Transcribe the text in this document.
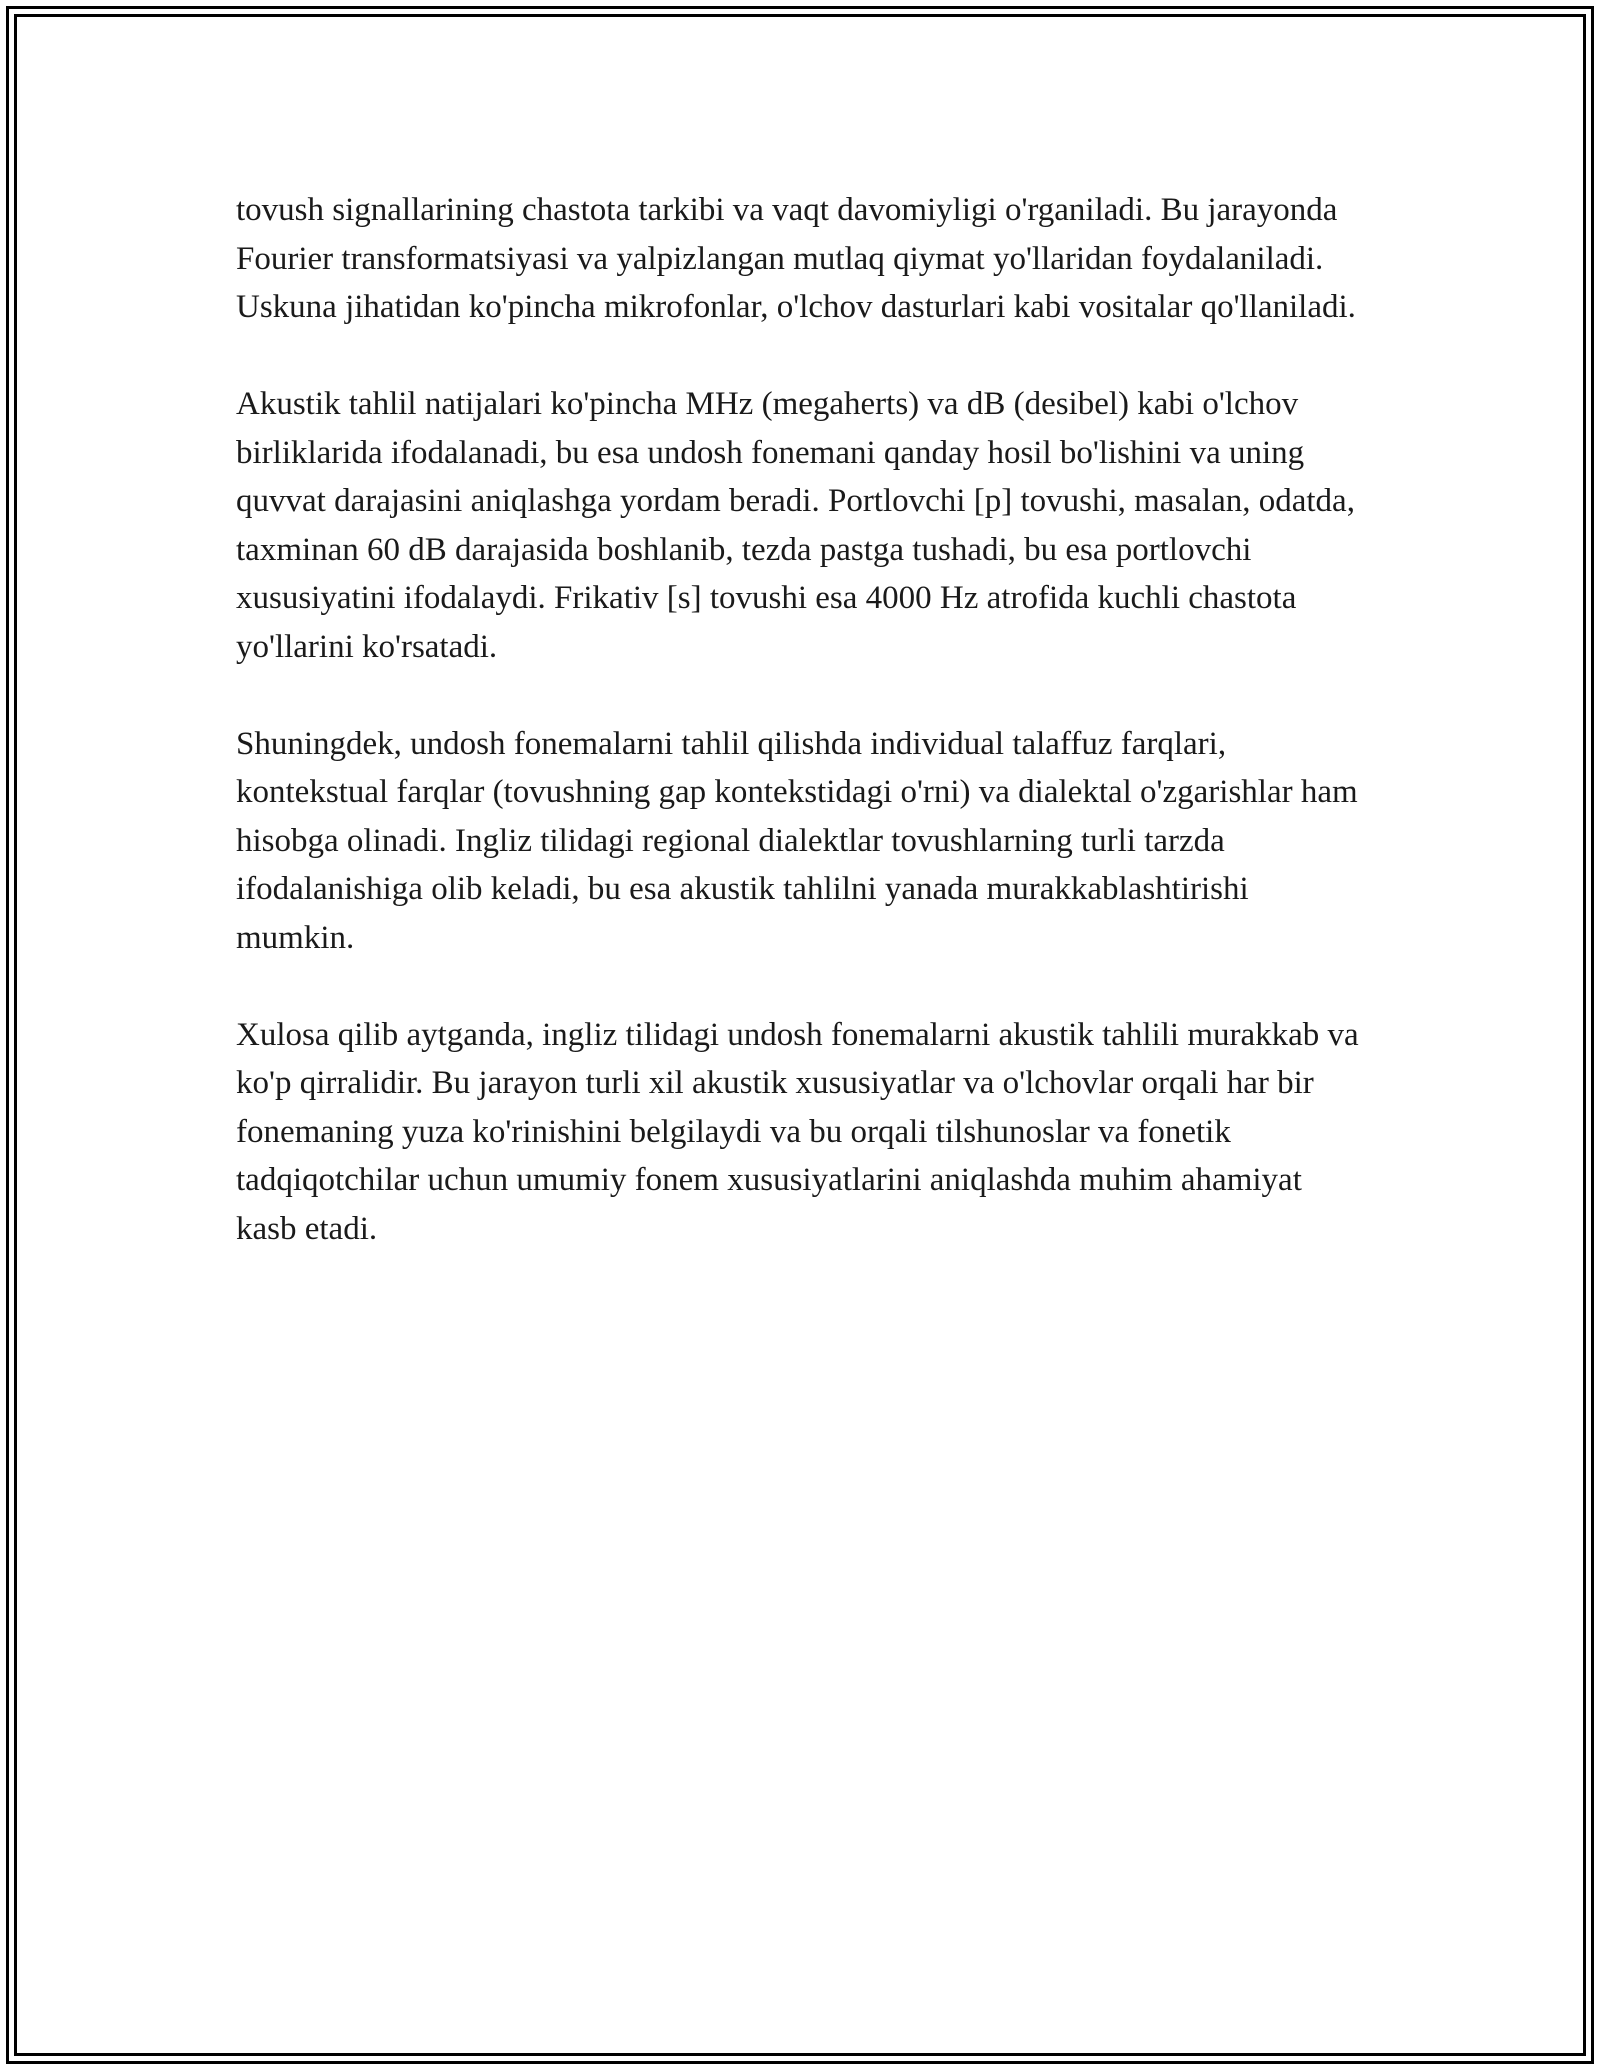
tovush signallarining chastota tarkibi va vaqt davomiyligi o'rganiladi. Bu jarayonda Fourier transformatsiyasi va yalpizlangan mutlaq qiymat yo'llaridan foydalaniladi. Uskuna jihatidan ko'pincha mikrofonlar, o'lchov dasturlari kabi vositalar qo'llaniladi.

Akustik tahlil natijalari ko'pincha MHz (megaherts) va dB (desibel) kabi o'lchov birliklarida ifodalanadi, bu esa undosh fonemani qanday hosil bo'lishini va uning quvvat darajasini aniqlashga yordam beradi. Portlovchi [p] tovushi, masalan, odatda, taxminan 60 dB darajasida boshlanib, tezda pastga tushadi, bu esa portlovchi xususiyatini ifodalaydi. Frikativ [s] tovushi esa 4000 Hz atrofida kuchli chastota yo'llarini ko'rsatadi.

Shuningdek, undosh fonemalarni tahlil qilishda individual talaffuz farqlari, kontekstual farqlar (tovushning gap kontekstidagi o'rni) va dialektal o'zgarishlar ham hisobga olinadi. Ingliz tilidagi regional dialektlar tovushlarning turli tarzda ifodalanishiga olib keladi, bu esa akustik tahlilni yanada murakkablashtirishi mumkin.

Xulosa qilib aytganda, ingliz tilidagi undosh fonemalarni akustik tahlili murakkab va ko'p qirralidir. Bu jarayon turli xil akustik xususiyatlar va o'lchovlar orqali har bir fonemaning yuza ko'rinishini belgilaydi va bu orqali tilshunoslar va fonetik tadqiqotchilar uchun umumiy fonem xususiyatlarini aniqlashda muhim ahamiyat kasb etadi.
